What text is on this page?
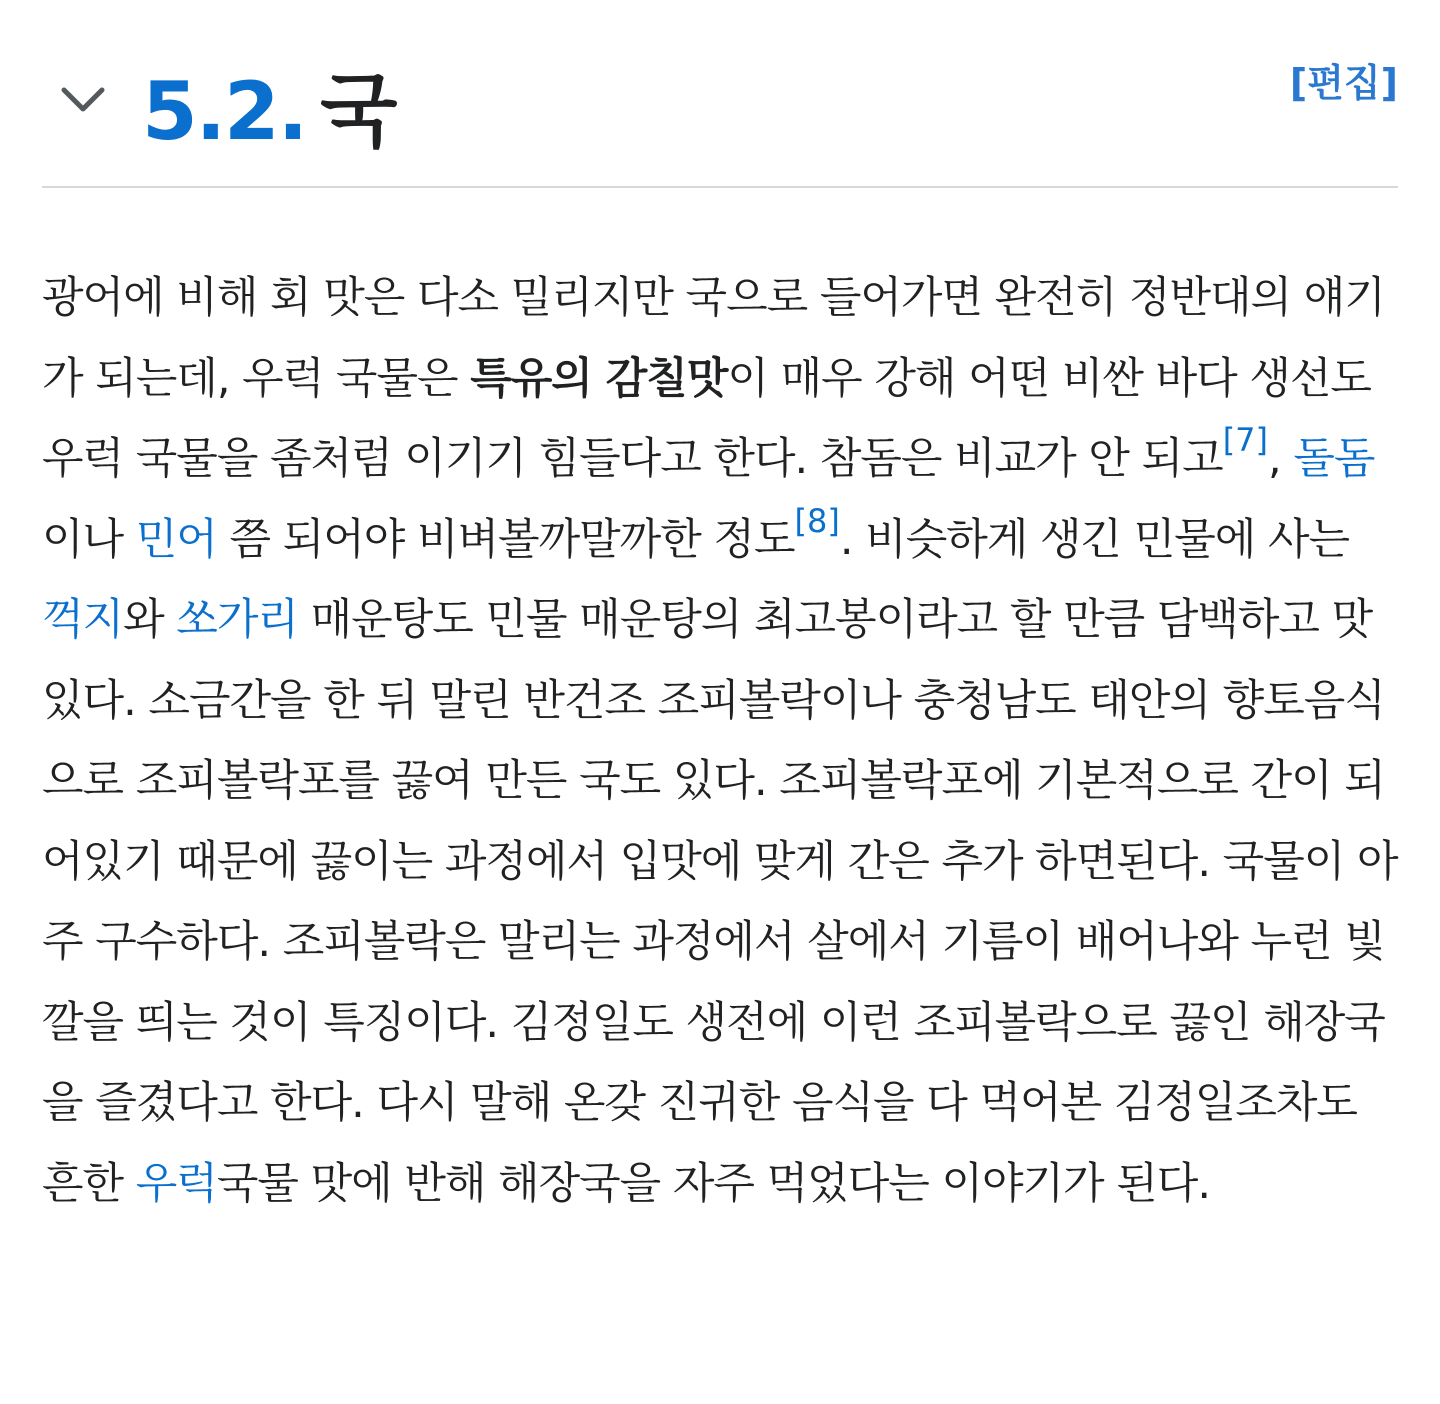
5.2. 국	[편집]

광어에 비해 회 맛은 다소 밀리지만 국으로 들어가면 완전히 정반대의 얘기가 되는데, 우럭 국물은 특유의 감칠맛이 매우 강해 어떤 비싼 바다 생선도 우럭 국물을 좀처럼 이기기 힘들다고 한다. 참돔은 비교가 안 되고[7], 돌돔이나 민어 쯤 되어야 비벼볼까말까한 정도[8]. 비슷하게 생긴 민물에 사는 꺽지와 쏘가리 매운탕도 민물 매운탕의 최고봉이라고 할 만큼 담백하고 맛있다. 소금간을 한 뒤 말린 반건조 조피볼락이나 충청남도 태안의 향토음식으로 조피볼락포를 끓여 만든 국도 있다. 조피볼락포에 기본적으로 간이 되어있기 때문에 끓이는 과정에서 입맛에 맞게 간은 추가 하면된다. 국물이 아주 구수하다. 조피볼락은 말리는 과정에서 살에서 기름이 배어나와 누런 빛깔을 띄는 것이 특징이다. 김정일도 생전에 이런 조피볼락으로 끓인 해장국을 즐겼다고 한다. 다시 말해 온갖 진귀한 음식을 다 먹어본 김정일조차도 흔한 우럭국물 맛에 반해 해장국을 자주 먹었다는 이야기가 된다.
